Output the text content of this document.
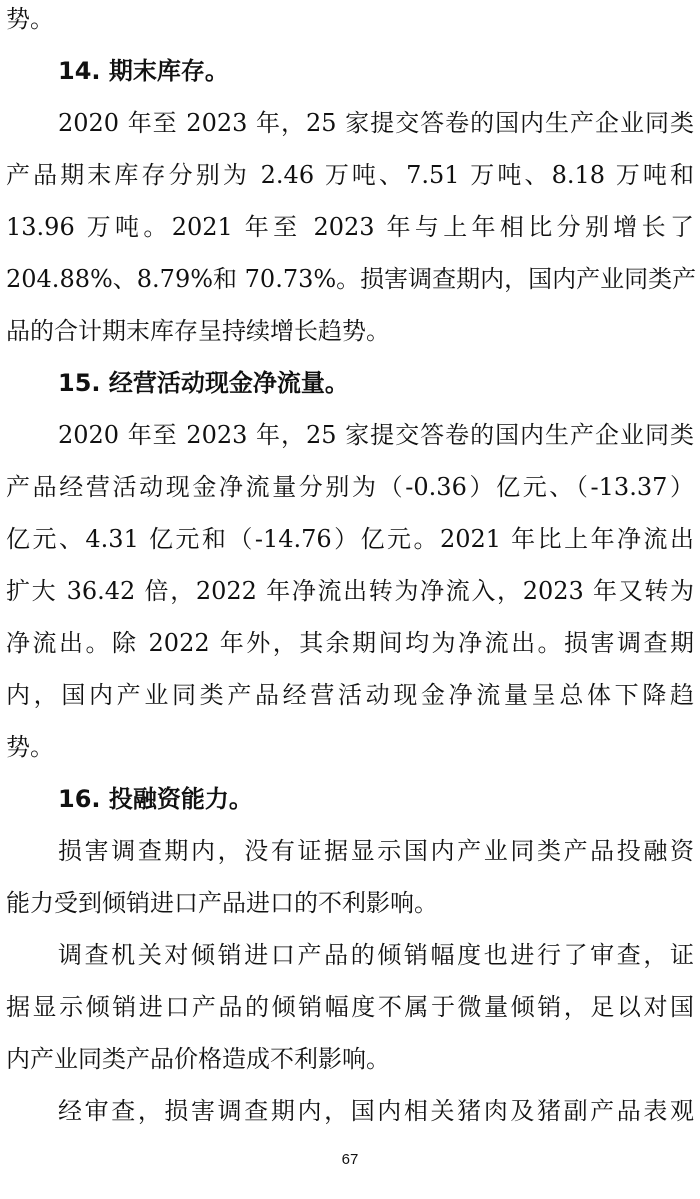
势。
14. 期末库存。
2020 年至 2023 年，25 家提交答卷的国内生产企业同类
产品期末库存分别为 2.46 万吨、7.51 万吨、8.18 万吨和
13.96 万吨。2021 年至 2023 年与上年相比分别增长了
204.88%、8.79%和 70.73%。损害调查期内，国内产业同类产
品的合计期末库存呈持续增长趋势。
15. 经营活动现金净流量。
2020 年至 2023 年，25 家提交答卷的国内生产企业同类
产品经营活动现金净流量分别为（-0.36）亿元、（-13.37）
亿元、4.31 亿元和（-14.76）亿元。2021 年比上年净流出
扩大 36.42 倍，2022 年净流出转为净流入，2023 年又转为
净流出。除 2022 年外，其余期间均为净流出。损害调查期
内，国内产业同类产品经营活动现金净流量呈总体下降趋
势。
16. 投融资能力。
损害调查期内，没有证据显示国内产业同类产品投融资
能力受到倾销进口产品进口的不利影响。
调查机关对倾销进口产品的倾销幅度也进行了审查，证
据显示倾销进口产品的倾销幅度不属于微量倾销，足以对国
内产业同类产品价格造成不利影响。
经审查，损害调查期内，国内相关猪肉及猪副产品表观
67
